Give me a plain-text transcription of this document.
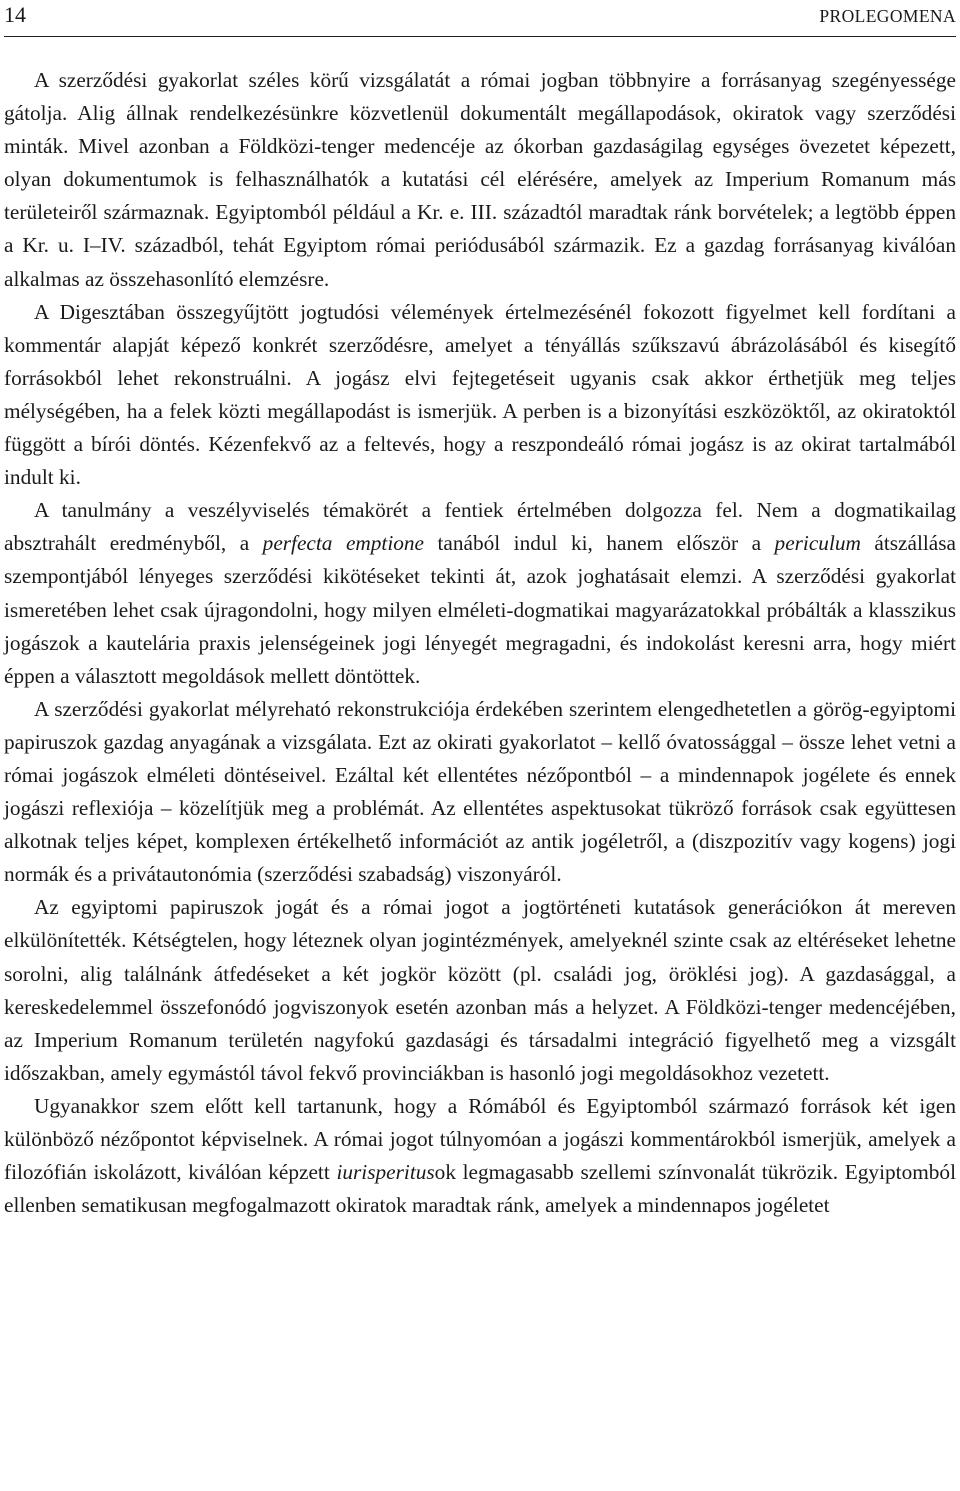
14	PROLEGOMENA

A szerződési gyakorlat széles körű vizsgálatát a római jogban többnyire a forrásanyag szegényessége gátolja. Alig állnak rendelkezésünkre közvetlenül dokumentált megállapodások, okiratok vagy szerződési minták. Mivel azonban a Földközi-tenger medencéje az ókorban gazdaságilag egységes övezetet képezett, olyan dokumentumok is felhasználhatók a kutatási cél elérésére, amelyek az Imperium Romanum más területeiről származnak. Egyiptomból például a Kr. e. III. századtól maradtak ránk borvételek; a legtöbb éppen a Kr. u. I–IV. századból, tehát Egyiptom római periódusából származik. Ez a gazdag forrásanyag kiválóan alkalmas az összehasonlító elemzésre.

A Digesztában összegyűjtött jogtudósi vélemények értelmezésénél fokozott figyelmet kell fordítani a kommentár alapját képező konkrét szerződésre, amelyet a tényállás szűkszavú ábrázolásából és kisegítő forrásokból lehet rekonstruálni. A jogász elvi fejtegetéseit ugyanis csak akkor érthetjük meg teljes mélységében, ha a felek közti megállapodást is ismerjük. A perben is a bizonyítási eszközöktől, az okiratoktól függött a bírói döntés. Kézenfekvő az a feltevés, hogy a reszpondeáló római jogász is az okirat tartalmából indult ki.

A tanulmány a veszélyviselés témakörét a fentiek értelmében dolgozza fel. Nem a dogmatikailag absztrahált eredményből, a perfecta emptione tanából indul ki, hanem először a periculum átszállása szempontjából lényeges szerződési kikötéseket tekinti át, azok joghatásait elemzi. A szerződési gyakorlat ismeretében lehet csak újragondolni, hogy milyen elméleti-dogmatikai magyarázatokkal próbálták a klasszikus jogászok a kautelária praxis jelenségeinek jogi lényegét megragadni, és indokolást keresni arra, hogy miért éppen a választott megoldások mellett döntöttek.

A szerződési gyakorlat mélyreható rekonstrukciója érdekében szerintem elengedhetetlen a görög-egyiptomi papiruszok gazdag anyagának a vizsgálata. Ezt az okirati gyakorlatot – kellő óvatossággal – össze lehet vetni a római jogászok elméleti döntéseivel. Ezáltal két ellentétes nézőpontból – a mindennapok jogélete és ennek jogászi reflexiója – közelítjük meg a problémát. Az ellentétes aspektusokat tükröző források csak együttesen alkotnak teljes képet, komplexen értékelhető információt az antik jogéletről, a (diszpozitív vagy kogens) jogi normák és a privátautonómia (szerződési szabadság) viszonyáról.

Az egyiptomi papiruszok jogát és a római jogot a jogtörténeti kutatások generációkon át mereven elkülönítették. Kétségtelen, hogy léteznek olyan jogintézmények, amelyeknél szinte csak az eltéréseket lehetne sorolni, alig találnánk átfedéseket a két jogkör között (pl. családi jog, öröklési jog). A gazdasággal, a kereskedelemmel összefonódó jogviszonyok esetén azonban más a helyzet. A Földközi-tenger medencéjében, az Imperium Romanum területén nagyfokú gazdasági és társadalmi integráció figyelhető meg a vizsgált időszakban, amely egymástól távol fekvő provinciákban is hasonló jogi megoldásokhoz vezetett.

Ugyanakkor szem előtt kell tartanunk, hogy a Rómából és Egyiptomból származó források két igen különböző nézőpontot képviselnek. A római jogot túlnyomóan a jogászi kommentárokból ismerjük, amelyek a filozófián iskolázott, kiválóan képzett iurisperitusok legmagasabb szellemi színvonalát tükrözik. Egyiptomból ellenben sematikusan megfogalmazott okiratok maradtak ránk, amelyek a mindennapos jogéletet
